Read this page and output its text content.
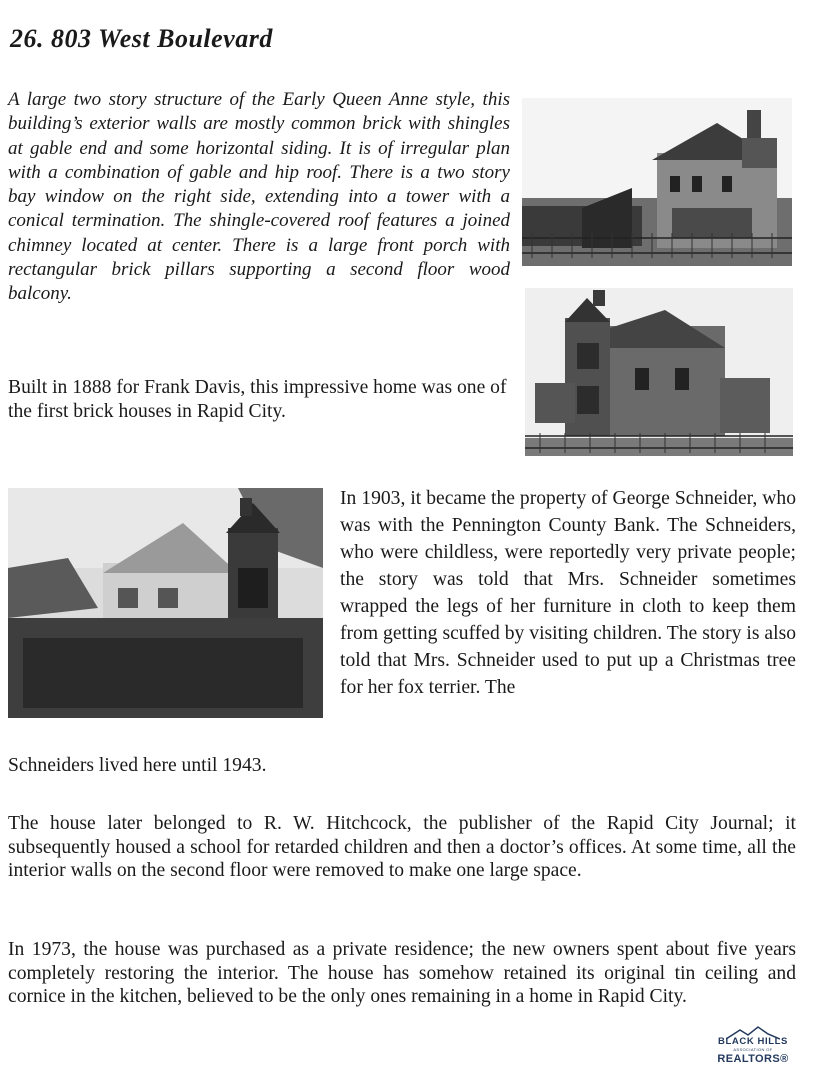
26. 803 West Boulevard

A large two story structure of the Early Queen Anne style, this building’s exterior walls are mostly common brick with shingles at gable end and some horizontal siding. It is of irregular plan with a combination of gable and hip roof. There is a two story bay window on the right side, extending into a tower with a conical termination. The shingle-covered roof features a joined chimney located at center. There is a large front porch with rectangular brick pillars supporting a second floor wood balcony.

Built in 1888 for Frank Davis, this impressive home was one of the first brick houses in Rapid City.

In 1903, it became the property of George Schneider, who was with the Pennington County Bank. The Schneiders, who were childless, were reportedly very private people; the story was told that Mrs. Schneider sometimes wrapped the legs of her furniture in cloth to keep them from getting scuffed by visiting children. The story is also told that Mrs. Schneider used to put up a Christmas tree for her fox terrier. The

Schneiders lived here until 1943.

The house later belonged to R. W. Hitchcock, the publisher of the Rapid City Journal; it subsequently housed a school for retarded children and then a doctor’s offices. At some time, all the interior walls on the second floor were removed to make one large space.

In 1973, the house was purchased as a private residence; the new owners spent about five years completely restoring the interior. The house has somehow retained its original tin ceiling and cornice in the kitchen, believed to be the only ones remaining in a home in Rapid City.

BLACK HILLS
ASSOCIATION OF
REALTORS®
